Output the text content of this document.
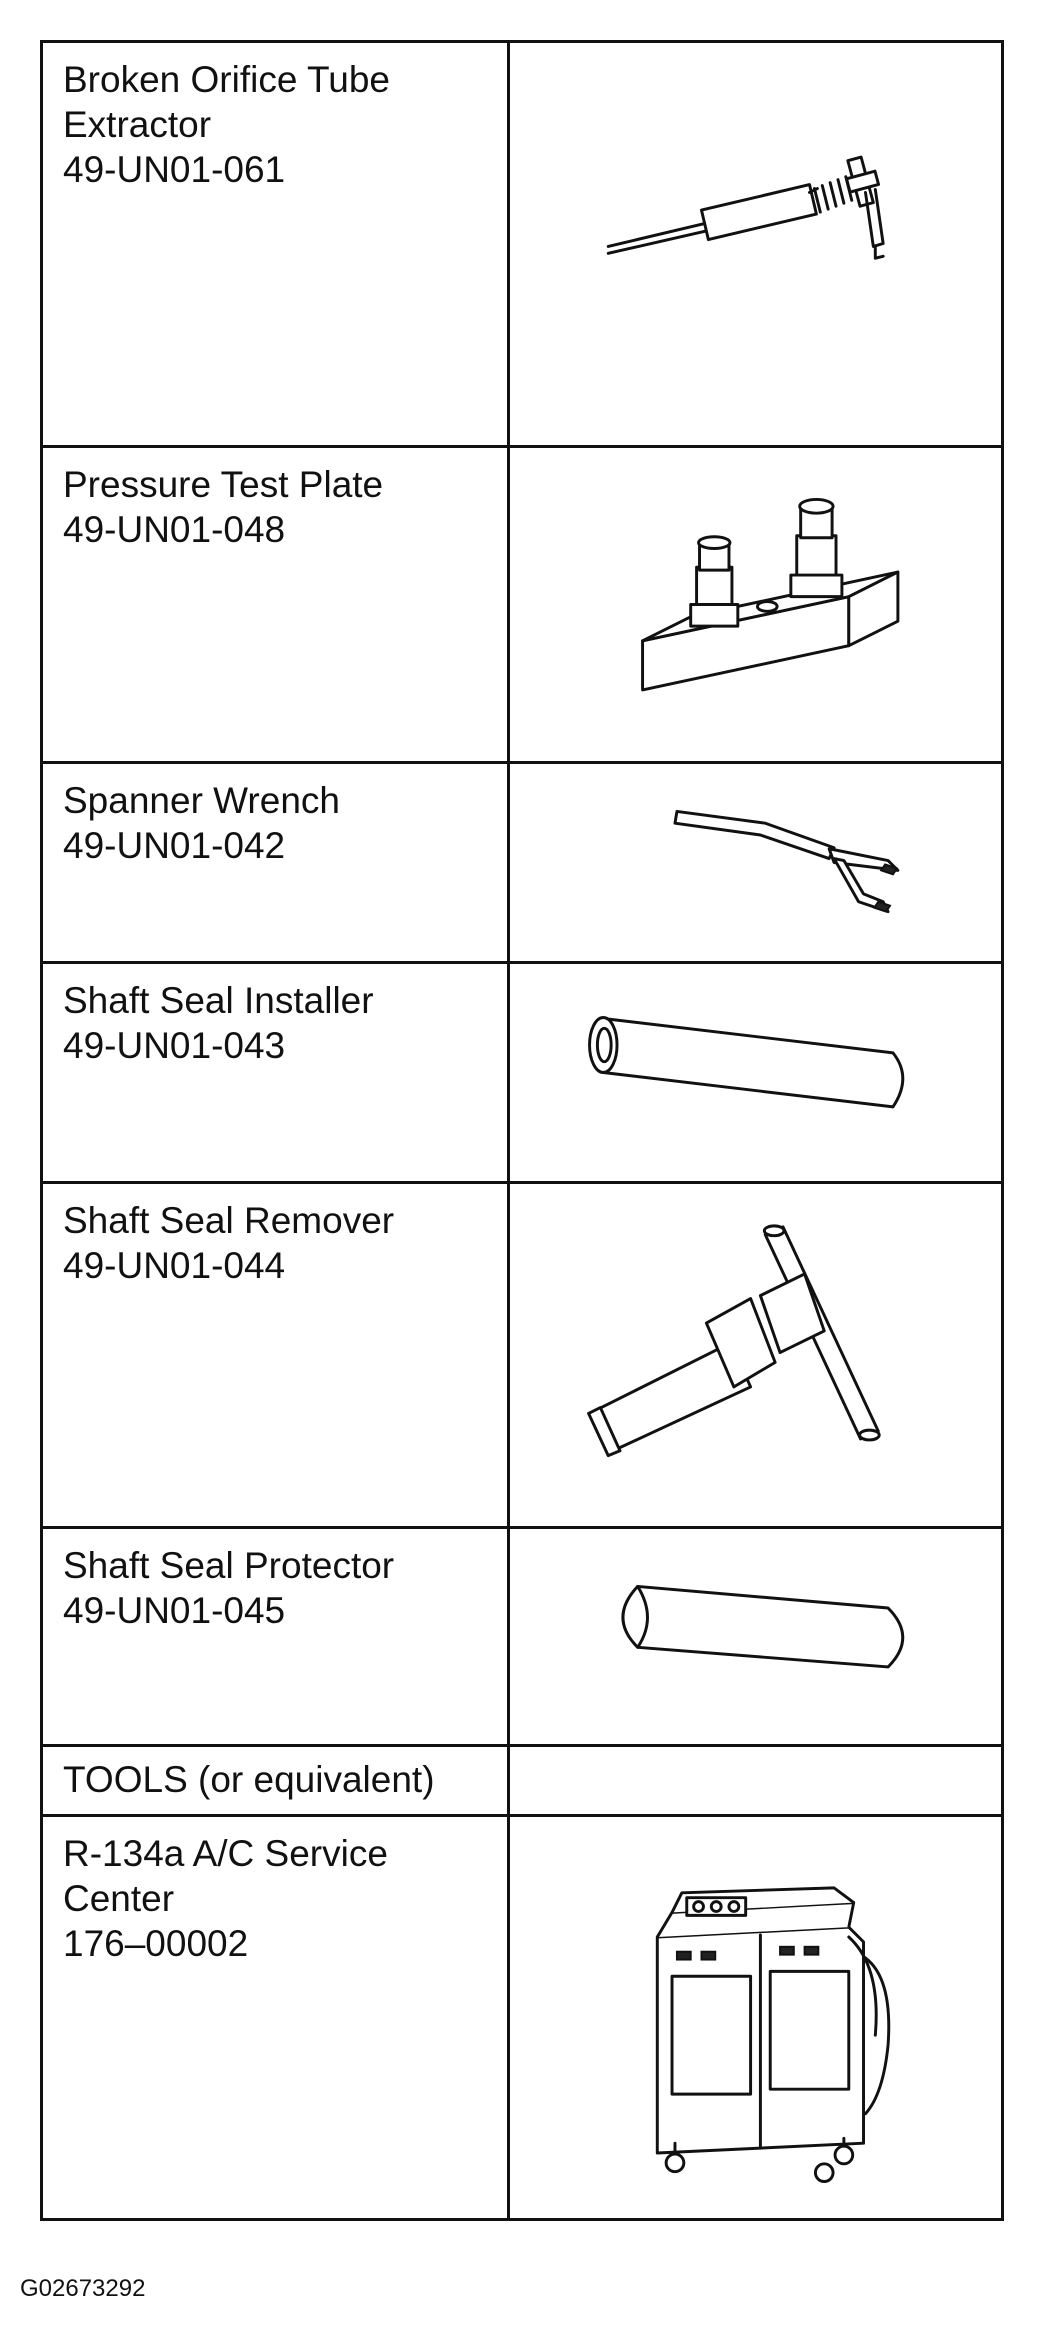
Broken Orifice Tube
Extractor
49-UN01-061

Pressure Test Plate
49-UN01-048

Spanner Wrench
49-UN01-042

Shaft Seal Installer
49-UN01-043

Shaft Seal Remover
49-UN01-044

Shaft Seal Protector
49-UN01-045

TOOLS (or equivalent)	

R-134a A/C Service
Center
176–00002

G02673292
